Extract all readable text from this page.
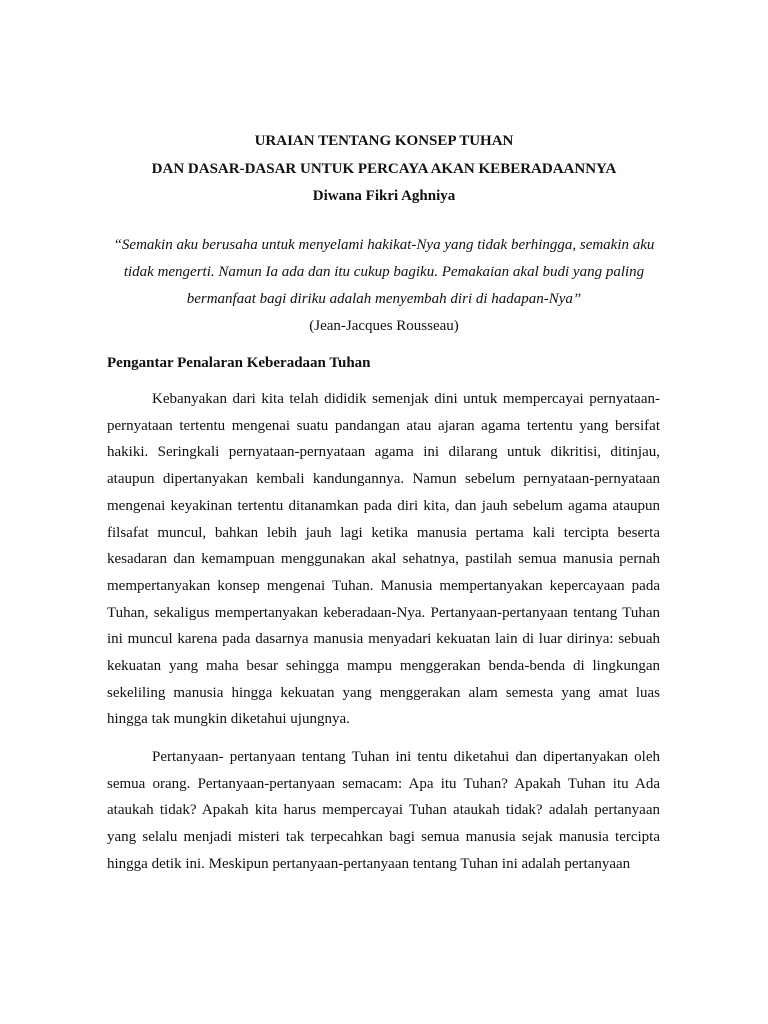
URAIAN TENTANG KONSEP TUHAN
DAN DASAR-DASAR UNTUK PERCAYA AKAN KEBERADAANNYA
Diwana Fikri Aghniya
“Semakin aku berusaha untuk menyelami hakikat-Nya yang tidak berhingga, semakin aku tidak mengerti. Namun Ia ada dan itu cukup bagiku. Pemakaian akal budi yang paling bermanfaat bagi diriku adalah menyembah diri di hadapan-Nya”
(Jean-Jacques Rousseau)
Pengantar Penalaran Keberadaan Tuhan

Kebanyakan dari kita telah dididik semenjak dini untuk mempercayai pernyataan-pernyataan tertentu mengenai suatu pandangan atau ajaran agama tertentu yang bersifat hakiki. Seringkali pernyataan-pernyataan agama ini dilarang untuk dikritisi, ditinjau, ataupun dipertanyakan kembali kandungannya. Namun sebelum pernyataan-pernyataan mengenai keyakinan tertentu ditanamkan pada diri kita, dan jauh sebelum agama ataupun filsafat muncul, bahkan lebih jauh lagi ketika manusia pertama kali tercipta beserta kesadaran dan kemampuan menggunakan akal sehatnya, pastilah semua manusia pernah mempertanyakan konsep mengenai Tuhan. Manusia mempertanyakan kepercayaan pada Tuhan, sekaligus mempertanyakan keberadaan-Nya. Pertanyaan-pertanyaan tentang Tuhan ini muncul karena pada dasarnya manusia menyadari kekuatan lain di luar dirinya: sebuah kekuatan yang maha besar sehingga mampu menggerakan benda-benda di lingkungan sekeliling manusia hingga kekuatan yang menggerakan alam semesta yang amat luas hingga tak mungkin diketahui ujungnya.

Pertanyaan- pertanyaan tentang Tuhan ini tentu diketahui dan dipertanyakan oleh semua orang. Pertanyaan-pertanyaan semacam: Apa itu Tuhan? Apakah Tuhan itu Ada ataukah tidak? Apakah kita harus mempercayai Tuhan ataukah tidak? adalah pertanyaan yang selalu menjadi misteri tak terpecahkan bagi semua manusia sejak manusia tercipta hingga detik ini. Meskipun pertanyaan-pertanyaan tentang Tuhan ini adalah pertanyaan
